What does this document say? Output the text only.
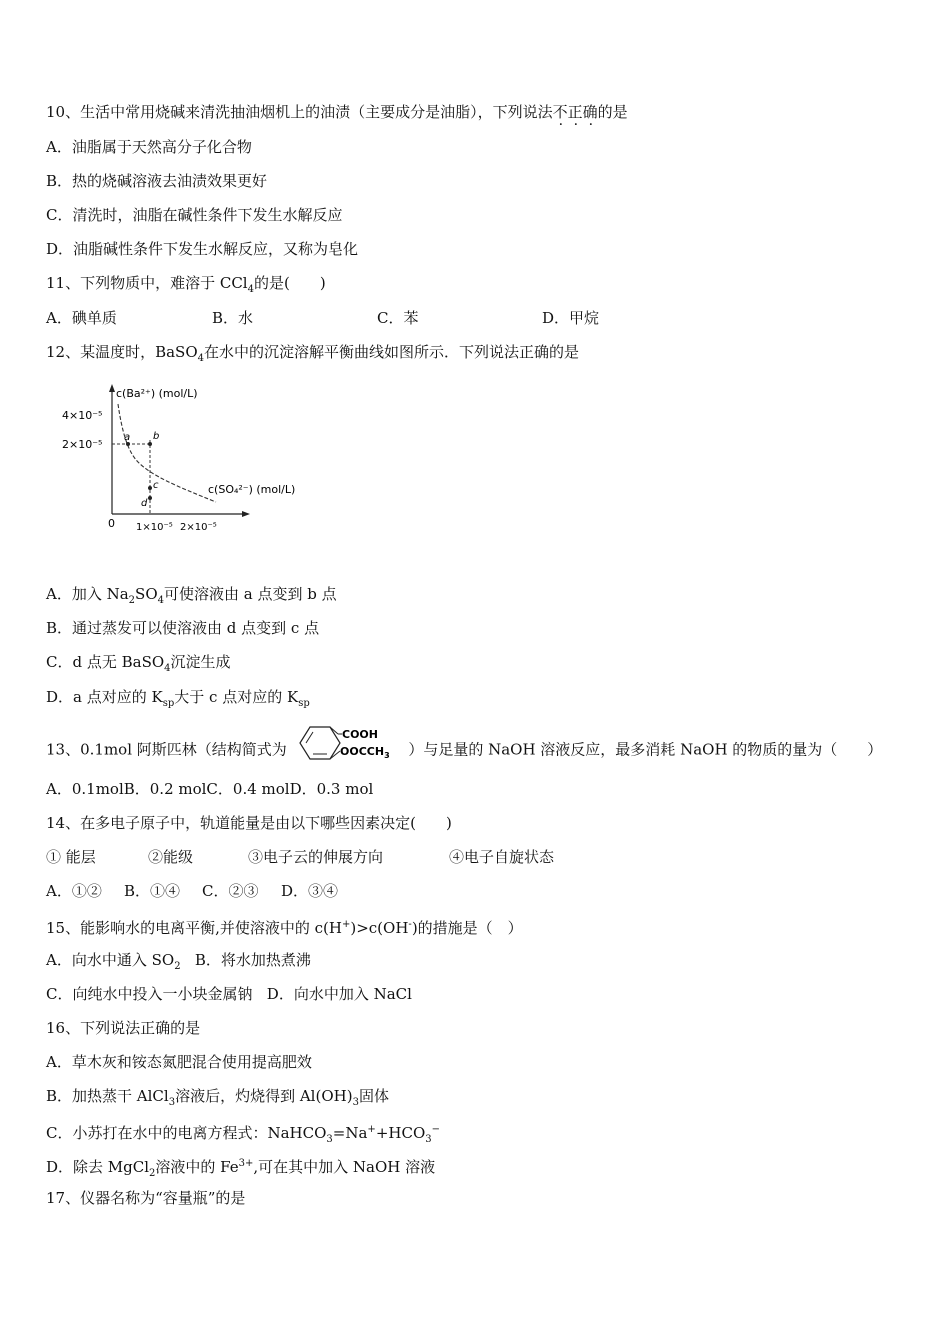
10、生活中常用烧碱来清洗抽油烟机上的油渍（主要成分是油脂），下列说法不正确的是
A．油脂属于天然高分子化合物
B．热的烧碱溶液去油渍效果更好
C．清洗时，油脂在碱性条件下发生水解反应
D．油脂碱性条件下发生水解反应，又称为皂化
11、下列物质中，难溶于 CCl$_4$的是(　　)
A．碘单质	B．水	C．苯	D．甲烷
12、某温度时，BaSO$_4$在水中的沉淀溶解平衡曲线如图所示．下列说法正确的是
a b
c
d
4×10⁻⁵
2×10⁻⁵
0 1×10⁻⁵ 2×10⁻⁵
c(Ba²⁺) (mol/L)
c(SO₄²⁻) (mol/L)
A．加入 $Na_2SO_4$可使溶液由 a 点变到 b 点
B．通过蒸发可以使溶液由 d 点变到 c 点
C．d 点无 BaSO$_4$沉淀生成
D．a 点对应的 $K_{sp}$大于 c 点对应的 $K_{sp}$
13、0.1mol 阿斯匹林（结构简式为
COOH
$OOCCH_3$ ）与足量的 NaOH 溶液反应，最多消耗 NaOH 的物质的量为（　　）
A．0.1molB．0.2 molC．0.4 molD．0.3 mol
14、在多电子原子中，轨道能量是由以下哪些因素决定(　　)
① 能层	②能级	③电子云的伸展方向	④电子自旋状态
A．①② B．①④ C．②③ D．③④
15、能影响水的电离平衡,并使溶液中的 c(H+)>c(OH-)的措施是（　）
A．向水中通入 $SO_2$ B．将水加热煮沸
C．向纯水中投入一小块金属钠 D．向水中加入 NaCl
16、下列说法正确的是
A．草木灰和铵态氮肥混合使用提高肥效
B．加热蒸干 AlCl$_3$溶液后，灼烧得到 $Al(OH)_3$固体
C．小苏打在水中的电离方程式：$NaHCO_3=Na^++HCO_3^-$
D．除去 MgCl$_2$溶液中的 $Fe^{3+}$,可在其中加入 NaOH 溶液
17、仪器名称为“容量瓶”的是
